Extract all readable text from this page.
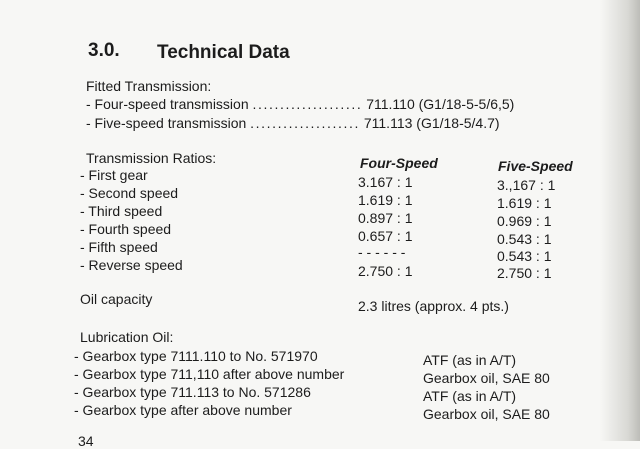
3.0. Technical Data
Fitted Transmission:
- Four-speed transmission .................... 711.110 (G1/18-5-5/6,5)
- Five-speed transmission .................... 711.113 (G1/18-5/4.7)
Transmission Ratios:	Four-Speed	Five-Speed
- First gear	3.167 : 1	3.,167 : 1
- Second speed	1.619 : 1	1.619 : 1
- Third speed	0.897 : 1	0.969 : 1
- Fourth speed	0.657 : 1	0.543 : 1
- Fifth speed	- - - - - -	0.543 : 1
- Reverse speed	2.750 : 1	2.750 : 1
Oil capacity	2.3 litres (approx. 4 pts.)
Lubrication Oil:
- Gearbox type 7111.110 to No. 571970	ATF (as in A/T)
- Gearbox type 711,110 after above number	Gearbox oil, SAE 80
- Gearbox type 711.113 to No. 571286	ATF (as in A/T)
- Gearbox type after above number	Gearbox oil, SAE 80
34
